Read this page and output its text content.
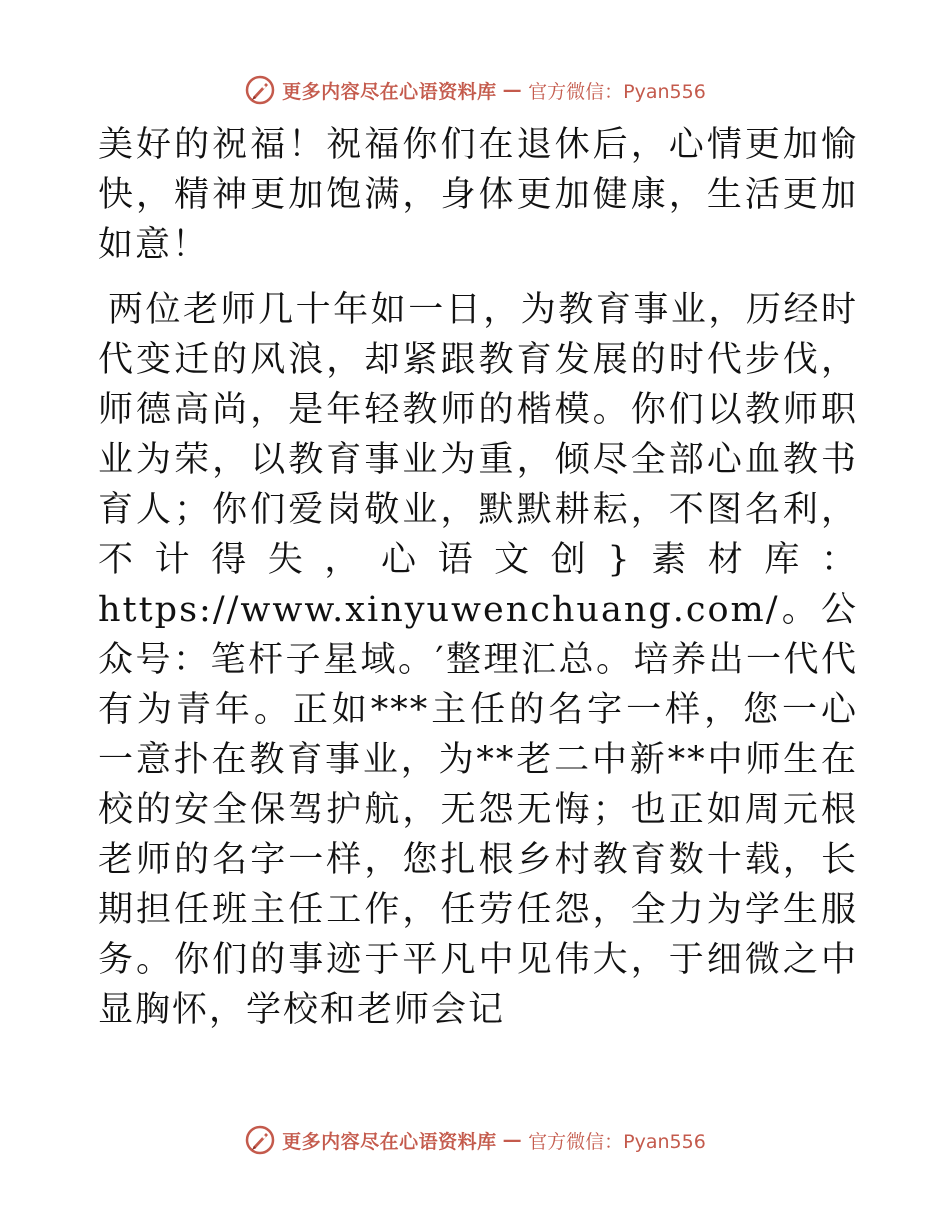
更多内容尽在心语资料库 — 官方微信：Pyan556

美好的祝福！祝福你们在退休后，心情更加愉快，精神更加饱满，身体更加健康，生活更加如意！

两位老师几十年如一日，为教育事业，历经时代变迁的风浪，却紧跟教育发展的时代步伐，师德高尚，是年轻教师的楷模。你们以教师职业为荣，以教育事业为重，倾尽全部心血教书育人；你们爱岗敬业，默默耕耘，不图名利，不计得失，心语文创}素材库：https://www.xinyuwenchuang.com/。公众号：笔杆子星域。′整理汇总。培养出一代代有为青年。正如***主任的名字一样，您一心一意扑在教育事业，为**老二中新**中师生在校的安全保驾护航，无怨无悔；也正如周元根老师的名字一样，您扎根乡村教育数十载，长期担任班主任工作，任劳任怨，全力为学生服务。你们的事迹于平凡中见伟大，于细微之中显胸怀，学校和老师会记

更多内容尽在心语资料库 — 官方微信：Pyan556
